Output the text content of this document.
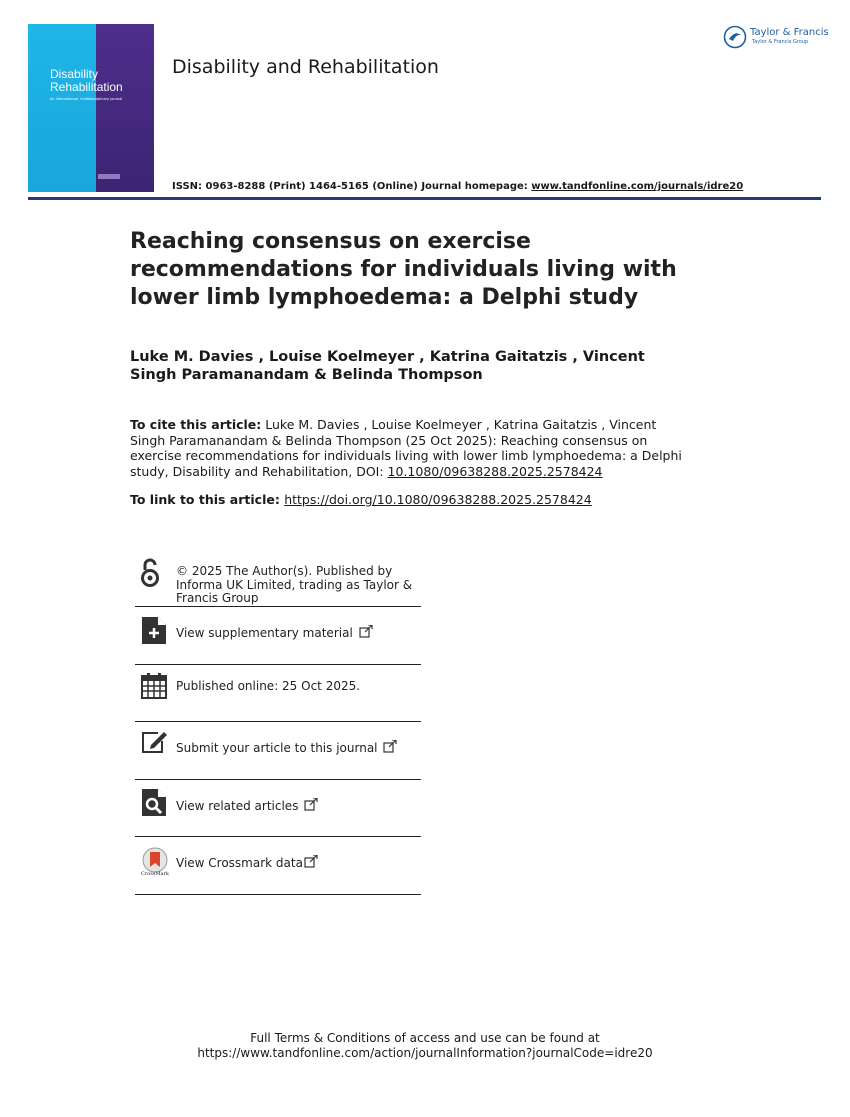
Disability
Rehabilitation
An international, multidisciplinary journal
Disability and Rehabilitation
Taylor & Francis
Taylor & Francis Group
ISSN: 0963-8288 (Print) 1464-5165 (Online) Journal homepage: www.tandfonline.com/journals/idre20
Reaching consensus on exercise recommendations for individuals living with lower limb lymphoedema: a Delphi study
Luke M. Davies , Louise Koelmeyer , Katrina Gaitatzis , Vincent Singh Paramanandam & Belinda Thompson
To cite this article: Luke M. Davies , Louise Koelmeyer , Katrina Gaitatzis , Vincent Singh Paramanandam & Belinda Thompson (25 Oct 2025): Reaching consensus on exercise recommendations for individuals living with lower limb lymphoedema: a Delphi study, Disability and Rehabilitation, DOI: 10.1080/09638288.2025.2578424
To link to this article: https://doi.org/10.1080/09638288.2025.2578424
© 2025 The Author(s). Published by Informa UK Limited, trading as Taylor & Francis Group
View supplementary material
Published online: 25 Oct 2025.
Submit your article to this journal
View related articles
CrossMark
View Crossmark data
Full Terms & Conditions of access and use can be found at
https://www.tandfonline.com/action/journalInformation?journalCode=idre20
